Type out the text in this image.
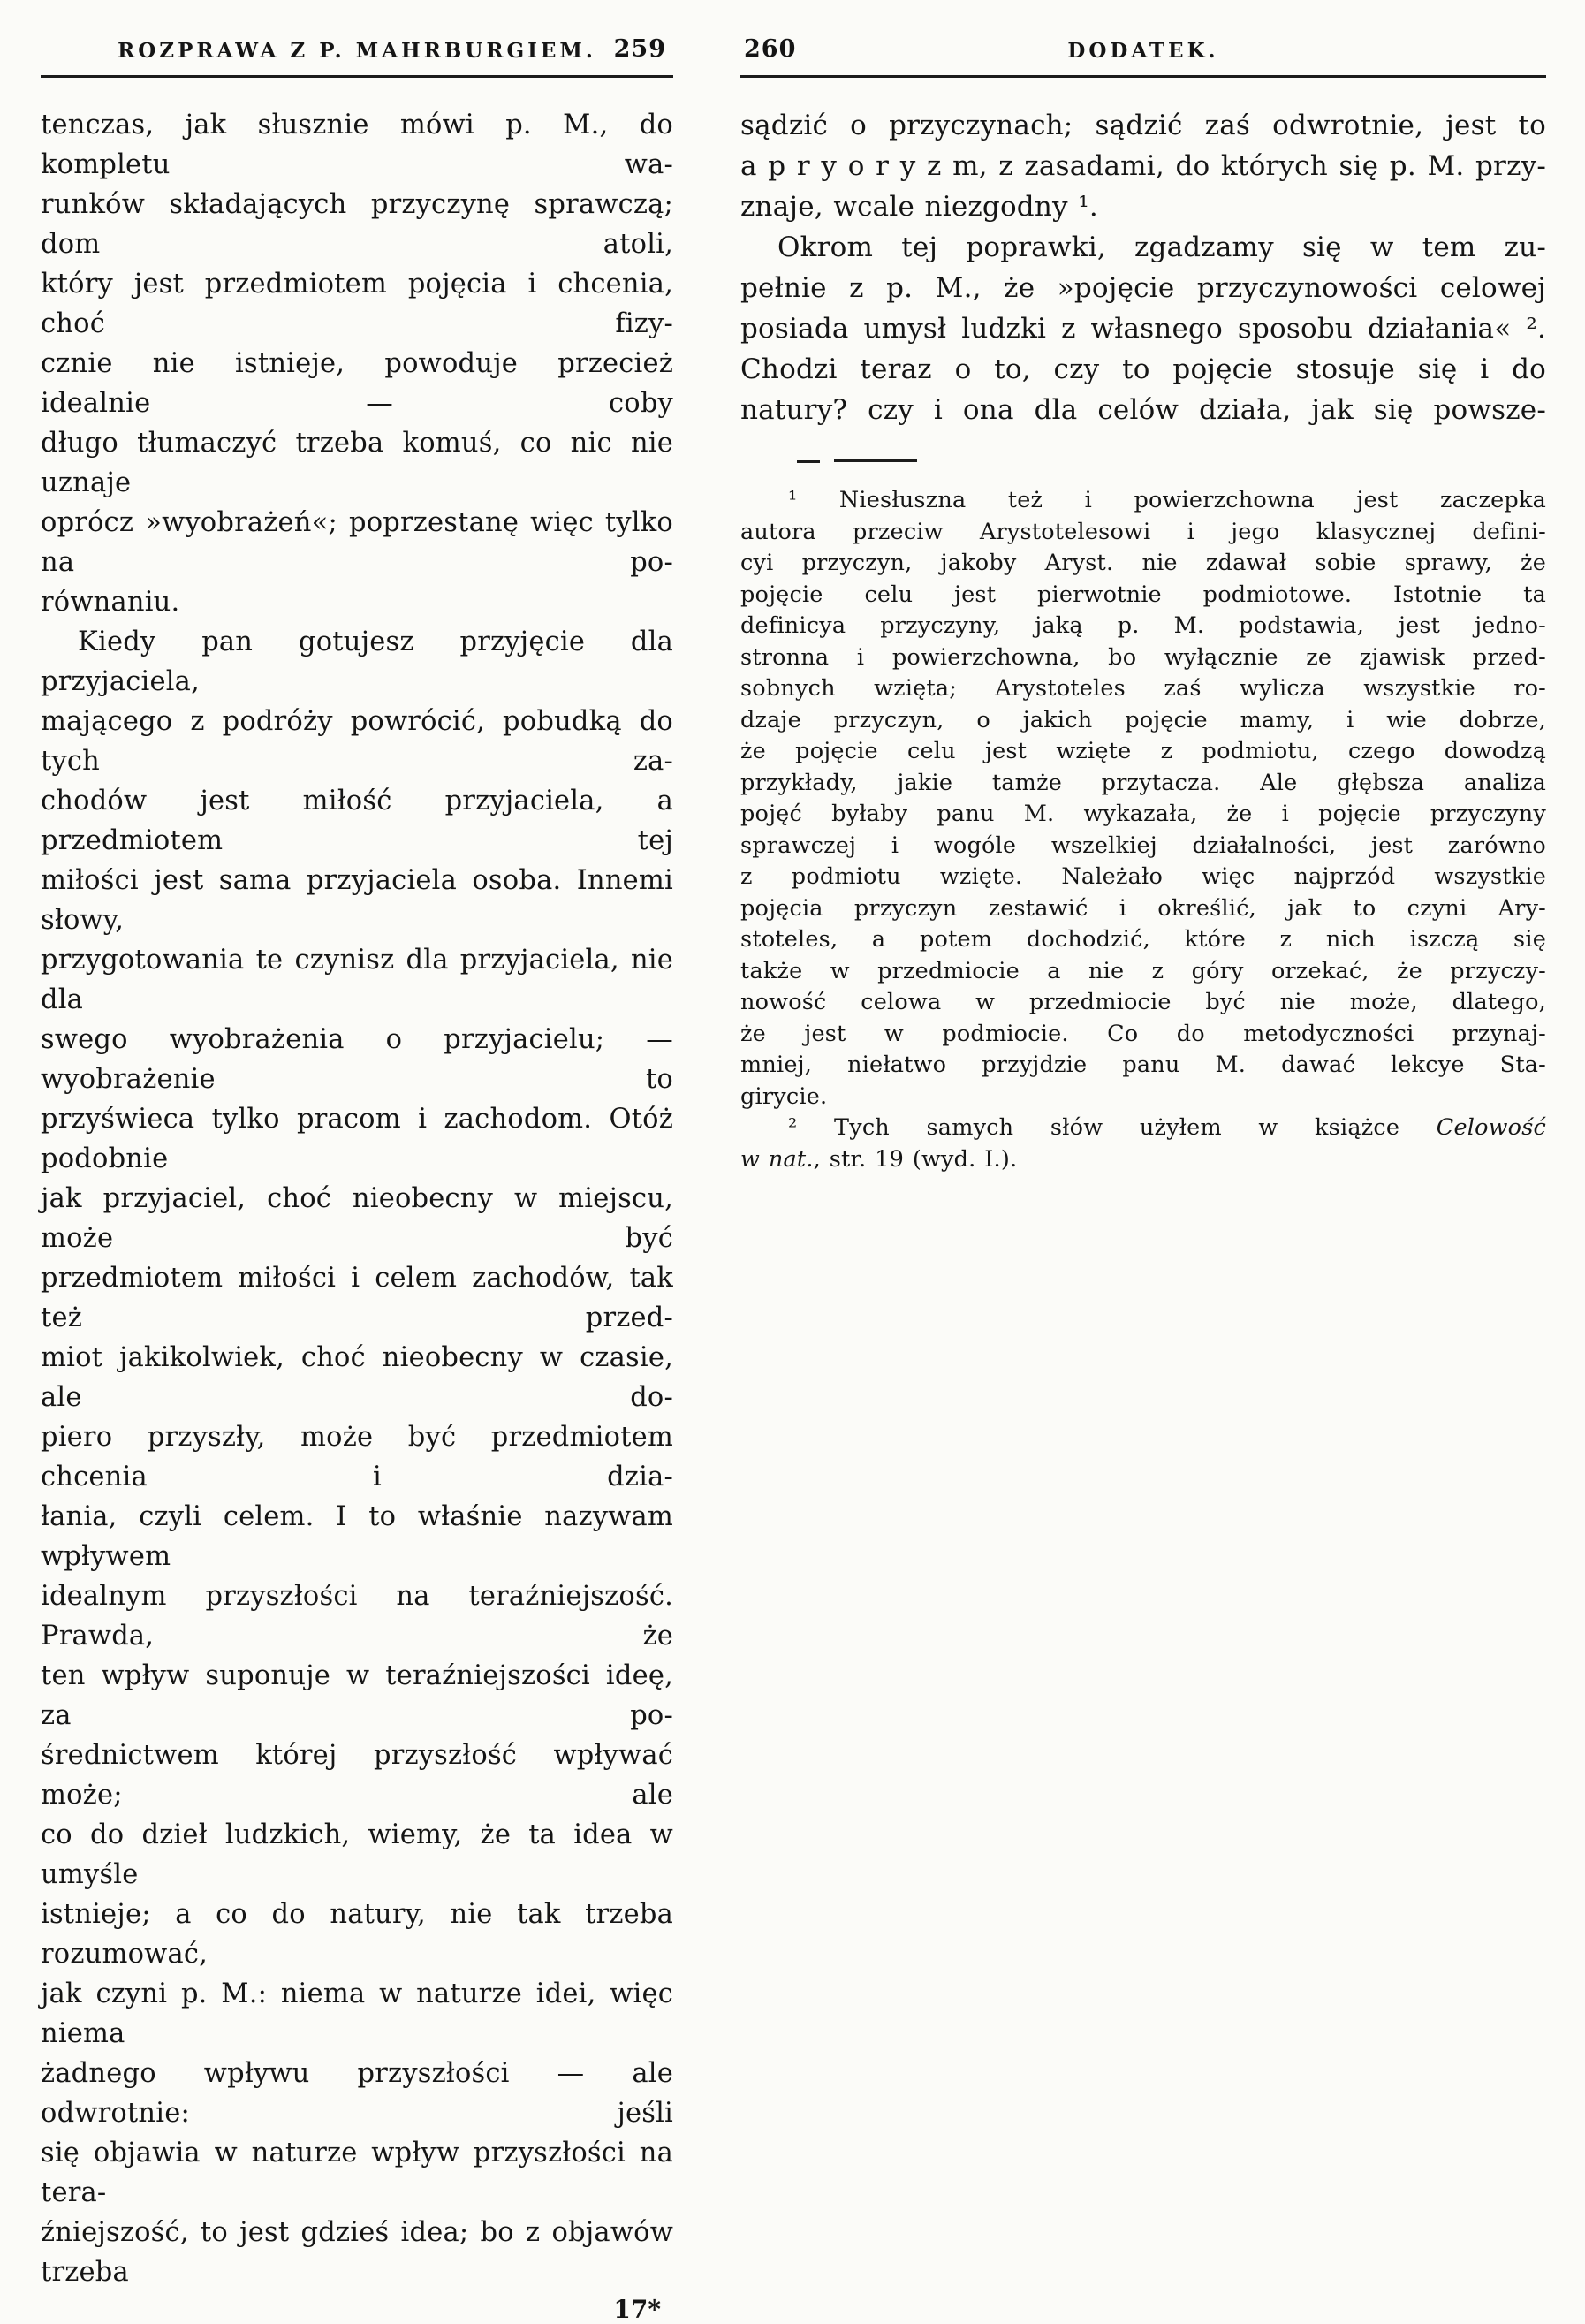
ROZPRAWA Z P. MAHRBURGIEM. 259
tenczas, jak słusznie mówi p. M., do kompletu wa-
runków składających przyczynę sprawczą; dom atoli,
który jest przedmiotem pojęcia i chcenia, choć fizy-
cznie nie istnieje, powoduje przecież idealnie — coby
długo tłumaczyć trzeba komuś, co nic nie uznaje
oprócz »wyobrażeń«; poprzestanę więc tylko na po-
równaniu.
Kiedy pan gotujesz przyjęcie dla przyjaciela,
mającego z podróży powrócić, pobudką do tych za-
chodów jest miłość przyjaciela, a przedmiotem tej
miłości jest sama przyjaciela osoba. Innemi słowy,
przygotowania te czynisz dla przyjaciela, nie dla
swego wyobrażenia o przyjacielu; — wyobrażenie to
przyświeca tylko pracom i zachodom. Otóż podobnie
jak przyjaciel, choć nieobecny w miejscu, może być
przedmiotem miłości i celem zachodów, tak też przed-
miot jakikolwiek, choć nieobecny w czasie, ale do-
piero przyszły, może być przedmiotem chcenia i dzia-
łania, czyli celem. I to właśnie nazywam wpływem
idealnym przyszłości na teraźniejszość. Prawda, że
ten wpływ suponuje w teraźniejszości ideę, za po-
średnictwem której przyszłość wpływać może; ale
co do dzieł ludzkich, wiemy, że ta idea w umyśle
istnieje; a co do natury, nie tak trzeba rozumować,
jak czyni p. M.: niema w naturze idei, więc niema
żadnego wpływu przyszłości — ale odwrotnie: jeśli
się objawia w naturze wpływ przyszłości na tera-
źniejszość, to jest gdzieś idea; bo z objawów trzeba
17*
260	DODATEK.
sądzić o przyczynach; sądzić zaś odwrotnie, jest to
a p r y o r y z m, z zasadami, do których się p. M. przy-
znaje, wcale niezgodny ¹.
Okrom tej poprawki, zgadzamy się w tem zu-
pełnie z p. M., że »pojęcie przyczynowości celowej
posiada umysł ludzki z własnego sposobu działania« ².
Chodzi teraz o to, czy to pojęcie stosuje się i do
natury? czy i ona dla celów działa, jak się powsze-
¹ Niesłuszna też i powierzchowna jest zaczepka
autora przeciw Arystotelesowi i jego klasycznej defini-
cyi przyczyn, jakoby Aryst. nie zdawał sobie sprawy, że
pojęcie celu jest pierwotnie podmiotowe. Istotnie ta
definicya przyczyny, jaką p. M. podstawia, jest jedno-
stronna i powierzchowna, bo wyłącznie ze zjawisk przed-
sobnych wzięta; Arystoteles zaś wylicza wszystkie ro-
dzaje przyczyn, o jakich pojęcie mamy, i wie dobrze,
że pojęcie celu jest wzięte z podmiotu, czego dowodzą
przykłady, jakie tamże przytacza. Ale głębsza analiza
pojęć byłaby panu M. wykazała, że i pojęcie przyczyny
sprawczej i wogóle wszelkiej działalności, jest zarówno
z podmiotu wzięte. Należało więc najprzód wszystkie
pojęcia przyczyn zestawić i określić, jak to czyni Ary-
stoteles, a potem dochodzić, które z nich iszczą się
także w przedmiocie a nie z góry orzekać, że przyczy-
nowość celowa w przedmiocie być nie może, dlatego,
że jest w podmiocie. Co do metodyczności przynaj-
mniej, niełatwo przyjdzie panu M. dawać lekcye Sta-
girycie.
² Tych samych słów użyłem w książce Celowość
w nat., str. 19 (wyd. I.).
